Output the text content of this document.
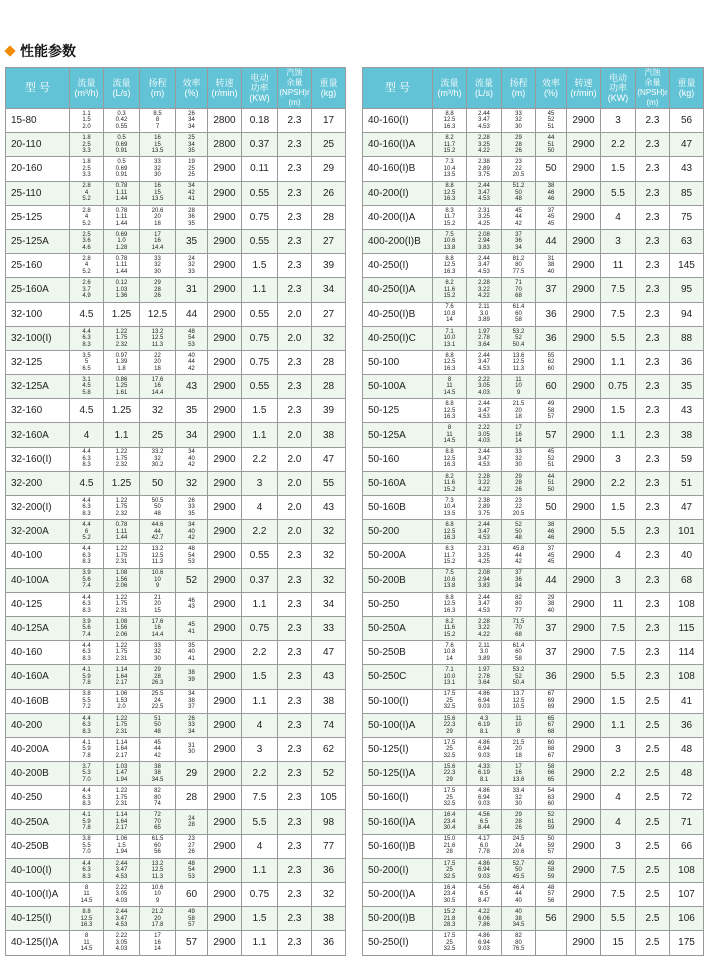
性能参数
型 号	流量
(m³/h)	流量
(L/s)	扬程
(m)	效率
(%)	转速
(r/min)	电动
功率
(KW)	汽蚀
余量
(NPSH)r
(m)	重量
(kg)

15-80	1.1
1.5
2.0	0.3
0.42
0.55	8.5
8
7	26
34
34	2800	0.18	2.3	17
20-110	1.8
2.5
3.3	0.5
0.69
0.91	16
15
13.5	25
34
35	2800	0.37	2.3	25
20-160	1.8
2.5
3.3	0.5
0.69
0.91	33
32
30	19
25
25	2900	0.11	2.3	29
25-110	2.8
4
5.2	0.78
1.11
1.44	16
15
13.5	34
42
41	2900	0.55	2.3	26
25-125	2.8
4
5.2	0.78
1.11
1.44	20.6
20
18	28
36
35	2900	0.75	2.3	28
25-125A	2.5
3.6
4.6	0.69
1.0
1.28	17
16
14.4	35	2900	0.55	2.3	27
25-160	2.8
4
5.2	0.78
1.11
1.44	33
32
30	24
32
33	2900	1.5	2.3	39
25-160A	2.6
3.7
4.9	0.12
1.03
1.36	29
28
26	31	2900	1.1	2.3	34
32-100	4.5	1.25	12.5	44	2900	0.55	2.0	27
32-100(I)	4.4
6.3
8.3	1.22
1.75
2.32	13.2
12.5
11.3	48
54
53	2900	0.75	2.0	32
32-125	3.5
5
6.5	0.97
1.39
1.8	22
20
18	40
44
42	2900	0.75	2.3	28
32-125A	3.1
4.5
5.8	0.86
1.25
1.61	17.6
16
14.4	43	2900	0.55	2.3	28
32-160	4.5	1.25	32	35	2900	1.5	2.3	39
32-160A	4	1.1	25	34	2900	1.1	2.0	38
32-160(I)	4.4
6.3
8.3	1.22
1.75
2.32	33.2
32
30.2	34
40
42	2900	2.2	2.0	47
32-200	4.5	1.25	50	32	2900	3	2.0	55
32-200(I)	4.4
6.3
8.3	1.22
1.75
2.32	50.5
50
48	26
33
35	2900	4	2.0	43
32-200A	4.4
6
5.2	0.78
1.11
1.44	44.6
44
42.7	34
40
42	2900	2.2	2.0	32
40-100	4.4
6.3
8.3	1.22
1.75
2.31	13.2
12.5
11.3	48
54
53	2900	0.55	2.3	32
40-100A	3.9
5.6
7.4	1.08
1.56
2.06	10.6
10
9	52	2900	0.37	2.3	32
40-125	4.4
6.3
8.3	1.22
1.75
2.31	21
20
15	46
43	2900	1.1	2.3	34
40-125A	3.9
5.6
7.4	1.08
1.56
2.06	17.6
16
14.4	45
41	2900	0.75	2.3	33
40-160	4.4
6.3
8.3	1.22
1.75
2.31	33
32
30	35
40
41	2900	2.2	2.3	47
40-160A	4.1
5.9
7.8	1.14
1.64
2.17	29
28
26.3	38
39	2900	1.5	2.3	43
40-160B	3.8
5.5
7.2	1.06
1.53
2.0	25.5
24
22.5	34
38
37	2900	1.1	2.3	38
40-200	4.4
6.3
8.3	1.22
1.75
2.31	51
50
48	26
33
34	2900	4	2.3	74
40-200A	4.1
5.9
7.8	1.14
1.64
2.17	45
44
42	31
30	2900	3	2.3	62
40-200B	3.7
5.3
7.0	1.03
1.47
1.94	38
38
34.5	29	2900	2.2	2.3	52
40-250	4.4
6.3
8.3	1.22
1.75
2.31	82
80
74	28	2900	7.5	2.3	105
40-250A	4.1
5.9
7.8	1.14
1.64
2.17	72
70
65	24
28	2900	5.5	2.3	98
40-250B	3.8
5.5
7.0	1.06
1.5
1.94	61.5
60
56	23
27
26	2900	4	2.3	77
40-100(I)	4.4
6.3
8.3	2.44
3.47
4.53	13.2
12.5
11.3	48
54
53	2900	1.1	2.3	36
40-100(I)A	8
11
14.5	2.22
3.05
4.03	10.6
10
9	60	2900	0.75	2.3	32
40-125(I)	8.8
12.5
16.3	2.44
3.47
4.53	21.2
20
17.8	49
58
57	2900	1.5	2.3	38
40-125(I)A	8
11
14.5	2.22
3.05
4.03	17
16
14	57	2900	1.1	2.3	36
型 号	流量
(m³/h)	流量
(L/s)	扬程
(m)	效率
(%)	转速
(r/min)	电动
功率
(KW)	汽蚀
余量
(NPSH)r
(m)	重量
(kg)

40-160(I)	8.8
12.5
16.3	2.44
3.47
4.53	33
32
30	45
52
51	2900	3	2.3	56
40-160(I)A	8.2
11.7
15.2	2.28
3.25
4.22	29
28
26	44
51
50	2900	2.2	2.3	47
40-160(I)B	7.3
10.4
13.5	2.38
2.89
3.75	23
22
20.5	50	2900	1.5	2.3	43
40-200(I)	8.8
12.5
16.3	2.44
3.47
4.53	51.2
50
48	38
46
46	2900	5.5	2.3	85
40-200(I)A	8.3
11.7
15.2	2.31
3.25
4.25	45
44
42	37
45
45	2900	4	2.3	75
400-200(I)B	7.5
10.6
13.8	2.08
2.94
3.83	37
36
34	44	2900	3	2.3	63
40-250(I)	8.8
12.5
16.3	2.44
3.47
4.53	81.2
80
77.5	31
38
40	2900	11	2.3	145
40-250(I)A	8.2
11.6
15.2	2.28
3.22
4.22	71
70
68	37	2900	7.5	2.3	95
40-250(I)B	7.6
10.8
14	2.11
3.0
3.89	61.4
60
58	36	2900	7.5	2.3	94
40-250(I)C	7.1
10.0
13.1	1.97
2.78
3.64	53.2
52
50.4	36	2900	5.5	2.3	88
50-100	8.8
12.5
16.3	2.44
3.47
4.53	13.6
12.5
11.3	55
62
60	2900	1.1	2.3	36
50-100A	8
11
14.5	2.22
3.05
4.03	11
10
9	60	2900	0.75	2.3	35
50-125	8.8
12.5
16.3	2.44
3.47
4.53	21.5
20
18	49
58
57	2900	1.5	2.3	43
50-125A	8
11
14.5	2.22
3.05
4.03	17
16
14	57	2900	1.1	2.3	38
50-160	8.8
12.5
16.3	2.44
3.47
4.53	33
32
30	45
52
51	2900	3	2.3	59
50-160A	8.2
11.6
15.2	2.28
3.22
4.22	29
28
26	44
51
50	2900	2.2	2.3	51
50-160B	7.3
10.4
13.5	2.38
2.89
3.75	23
22
20.5	50	2900	1.5	2.3	47
50-200	8.8
12.5
16.3	2.44
3.47
4.53	52
50
48	38
46
46	2900	5.5	2.3	101
50-200A	8.3
11.7
15.2	2.31
3.25
4.25	45.8
44
42	37
45
45	2900	4	2.3	40
50-200B	7.5
10.6
13.8	2.08
2.94
3.83	37
36
34	44	2900	3	2.3	68
50-250	8.8
12.5
16.3	2.44
3.47
4.53	82
80
77	29
38
40	2900	11	2.3	108
50-250A	8.2
11.6
15.2	2.28
3.22
4.22	71.5
70
68	37	2900	7.5	2.3	115
50-250B	7.6
10.8
14	2.11
3.0
3.89	61.4
60
58	37	2900	7.5	2.3	114
50-250C	7.1
10.0
13.1	1.97
2.78
3.64	53.2
52
50.4	36	2900	5.5	2.3	108
50-100(I)	17.5
25
32.5	4.86
6.94
9.03	13.7
12.5
10.5	67
69
69	2900	1.5	2.5	41
50-100(I)A	15.6
22.3
29	4.3
6.19
8.1	11
10
8	65
67
68	2900	1.1	2.5	36
50-125(I)	17.5
25
32.5	4.86
6.94
9.03	21.5
20
18	60
68
67	2900	3	2.5	48
50-125(I)A	15.6
22.3
29	4.33
6.19
8.1	17
16
13.6	58
66
65	2900	2.2	2.5	48
50-160(I)	17.5
25
32.5	4.86
6.94
9.03	33.4
32
30	54
63
60	2900	4	2.5	72
50-160(I)A	16.4
23.4
30.4	4.56
6.5
8.44	29
28
26	52
61
59	2900	4	2.5	71
50-160(I)B	15.0
21.6
28	4.17
6.0
7.78	24.5
24
20.6	50
59
57	2900	3	2.5	66
50-200(I)	17.5
25
32.5	4.86
6.94
9.03	52.7
50
45.5	49
58
59	2900	7.5	2.5	108
50-200(I)A	16.4
23.4
30.5	4.56
6.5
8.47	46.4
44
40	48
57
56	2900	7.5	2.5	107
50-200(I)B	15.2
21.8
28.3	4.22
6.06
7.86	40
38
34.5	56	2900	5.5	2.5	106
50-250(I)	17.5
25
32.5	4.86
6.94
9.03	82
80
76.5		2900	15	2.5	175
